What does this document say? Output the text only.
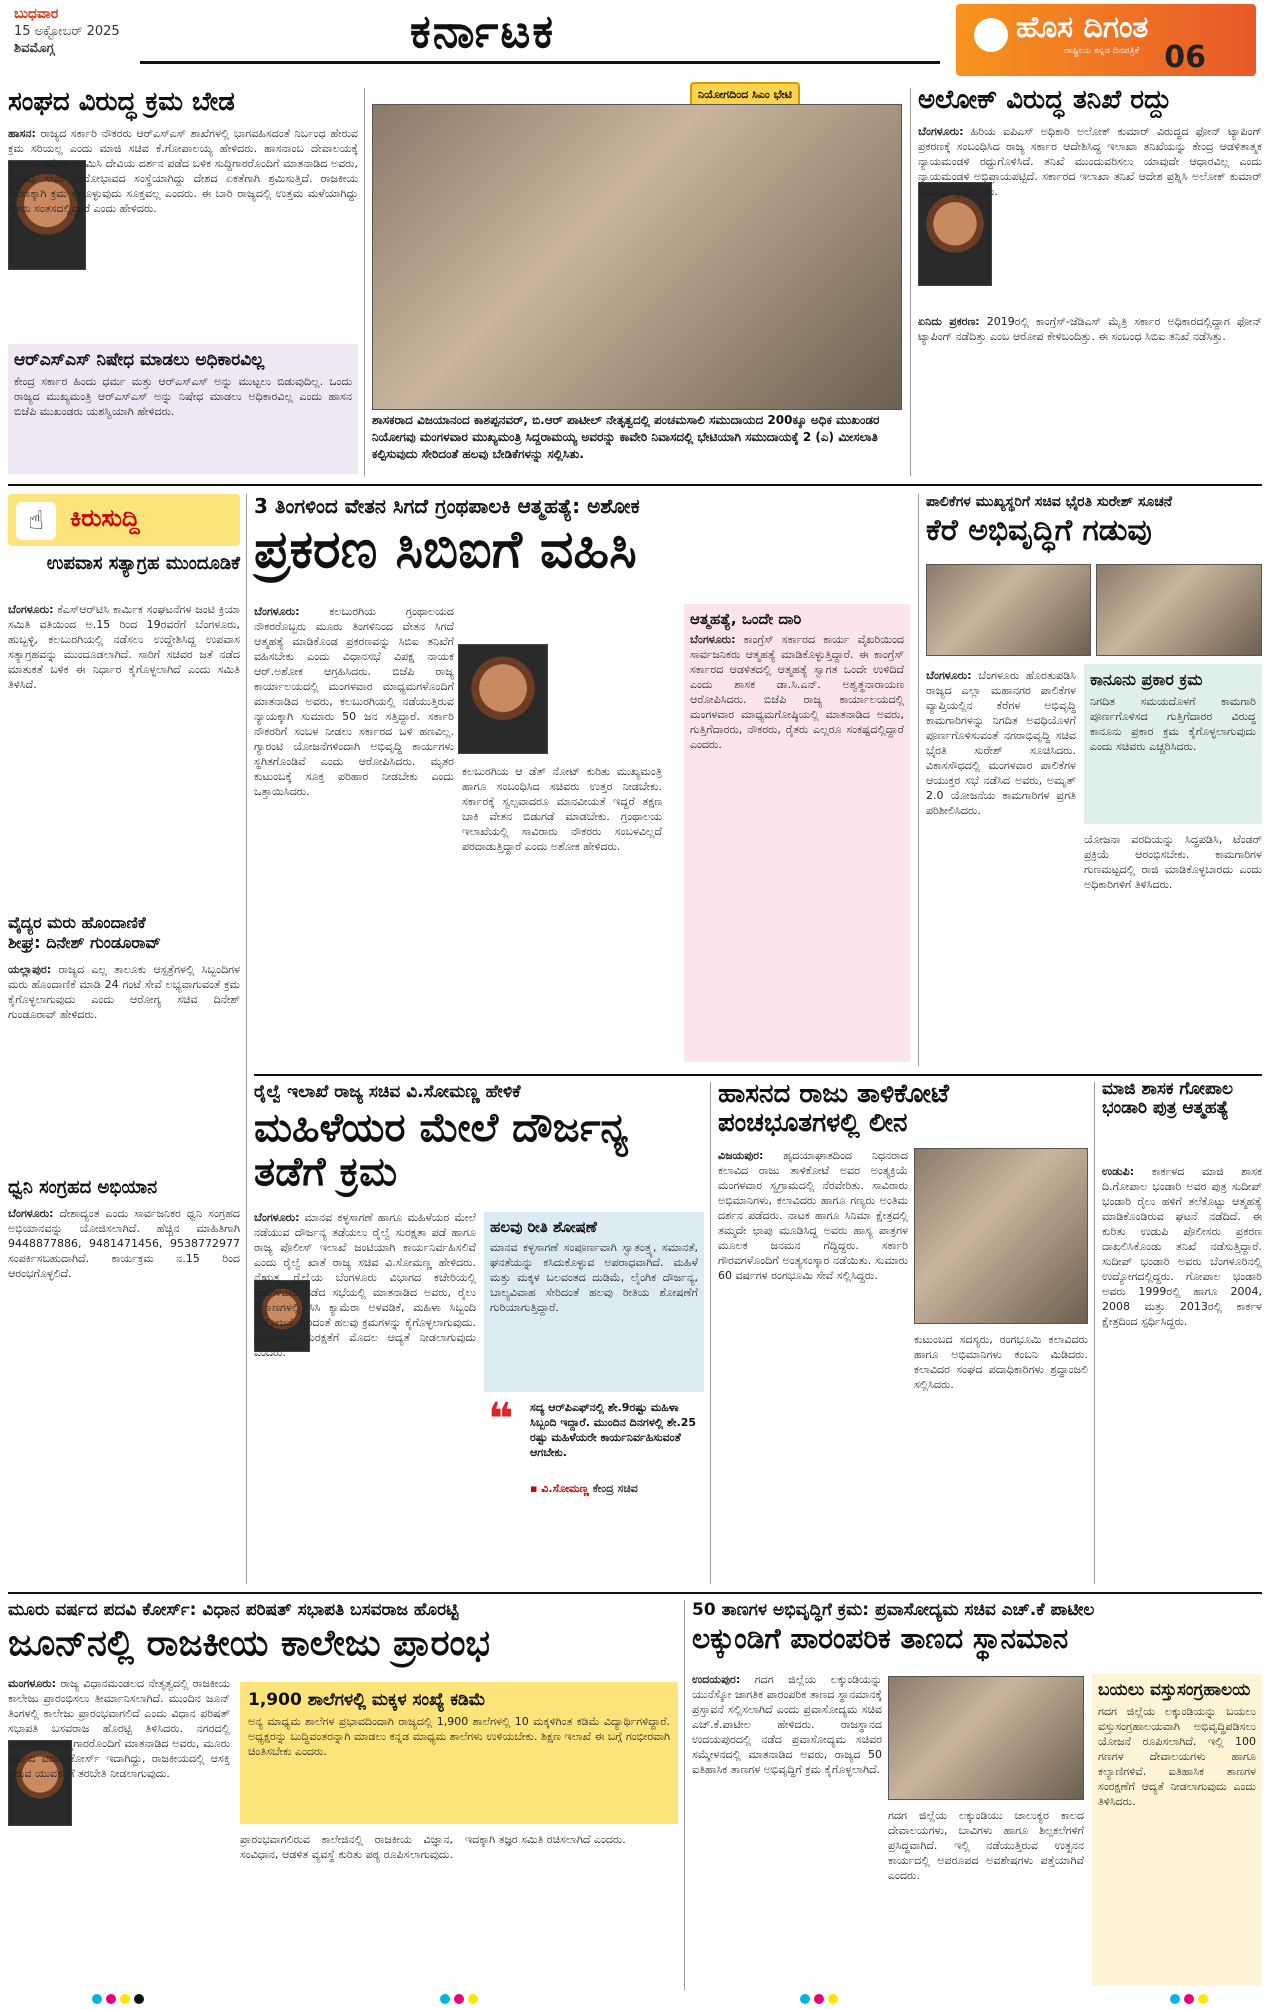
ಬುಧವಾರ
15 ಅಕ್ಟೋಬರ್ 2025
ಶಿವಮೊಗ್ಗ	ಕರ್ನಾಟಕ	ಹೊಸ ದಿಗಂತ
ರಾಷ್ಟ್ರೀಯ ಕನ್ನಡ ದಿನಪತ್ರಿಕೆ 06
ಸಂಘದ ವಿರುದ್ಧ ಕ್ರಮ ಬೇಡ
ಹಾಸನ: ರಾಜ್ಯದ ಸರ್ಕಾರಿ ನೌಕರರು ಆರ್‌ಎಸ್‌ಎಸ್ ಶಾಖೆಗಳಲ್ಲಿ ಭಾಗವಹಿಸದಂತೆ ನಿರ್ಬಂಧ ಹೇರುವ ಕ್ರಮ ಸರಿಯಲ್ಲ ಎಂದು ಮಾಜಿ ಸಚಿವ ಕೆ.ಗೋಪಾಲಯ್ಯ ಹೇಳಿದರು. ಹಾಸನಾಂಬ ದೇವಾಲಯಕ್ಕೆ ಕುಟುಂಬ ಸಮೇತ ಆಗಮಿಸಿ ದೇವಿಯ ದರ್ಶನ ಪಡೆದ ಬಳಿಕ ಸುದ್ದಿಗಾರರೊಂದಿಗೆ ಮಾತನಾಡಿದ ಅವರು, ಸಂಘವು ಸೇವಾ ಮನೋಭಾವದ ಸಂಸ್ಥೆಯಾಗಿದ್ದು ದೇಶದ ಏಕತೆಗಾಗಿ ಶ್ರಮಿಸುತ್ತಿದೆ. ರಾಜಕೀಯ ಕಾರಣಕ್ಕಾಗಿ ಕ್ರಮ ಕೈಗೊಳ್ಳುವುದು ಸೂಕ್ತವಲ್ಲ ಎಂದರು. ಈ ಬಾರಿ ರಾಜ್ಯದಲ್ಲಿ ಉತ್ತಮ ಮಳೆಯಾಗಿದ್ದು ರೈತರು ಸಂತಸದಲ್ಲಿದ್ದಾರೆ ಎಂದು ಹೇಳಿದರು.
ಆರ್‌ಎಸ್‌ಎಸ್ ನಿಷೇಧ ಮಾಡಲು ಅಧಿಕಾರವಿಲ್ಲ
ಕೇಂದ್ರ ಸರ್ಕಾರ ಹಿಂದು ಧರ್ಮ ಮತ್ತು ಆರ್‌ಎಸ್‌ಎಸ್ ಅನ್ನು ಮುಟ್ಟಲು ಬಿಡುವುದಿಲ್ಲ. ಒಂದು ರಾಜ್ಯದ ಮುಖ್ಯಮಂತ್ರಿ ಆರ್‌ಎಸ್‌ಎಸ್ ಅನ್ನು ನಿಷೇಧ ಮಾಡಲು ಅಧಿಕಾರವಿಲ್ಲ ಎಂದು ಹಾಸನ ಬಿಜೆಪಿ ಮುಖಂಡರು ಯಶಸ್ವಿಯಾಗಿ ಹೇಳಿದರು.
ನಿಯೋಗದಿಂದ ಸಿಎಂ ಭೇಟಿ
ಶಾಸಕರಾದ ವಿಜಯಾನಂದ ಕಾಶಪ್ಪನವರ್, ಬಿ.ಆರ್ ಪಾಟೀಲ್ ನೇತೃತ್ವದಲ್ಲಿ ಪಂಚಮಸಾಲಿ ಸಮುದಾಯದ 200ಕ್ಕೂ ಅಧಿಕ ಮುಖಂಡರ ನಿಯೋಗವು ಮಂಗಳವಾರ ಮುಖ್ಯಮಂತ್ರಿ ಸಿದ್ದರಾಮಯ್ಯ ಅವರನ್ನು ಕಾವೇರಿ ನಿವಾಸದಲ್ಲಿ ಭೇಟಿಯಾಗಿ ಸಮುದಾಯಕ್ಕೆ 2 (ಎ) ಮೀಸಲಾತಿ ಕಲ್ಪಿಸುವುದು ಸೇರಿದಂತೆ ಹಲವು ಬೇಡಿಕೆಗಳನ್ನು ಸಲ್ಲಿಸಿತು.
ಅಲೋಕ್ ವಿರುದ್ಧ ತನಿಖೆ ರದ್ದು
ಬೆಂಗಳೂರು: ಹಿರಿಯ ಐಪಿಎಸ್ ಅಧಿಕಾರಿ ಅಲೋಕ್ ಕುಮಾರ್ ವಿರುದ್ಧದ ಫೋನ್ ಟ್ಯಾಪಿಂಗ್ ಪ್ರಕರಣಕ್ಕೆ ಸಂಬಂಧಿಸಿದ ರಾಜ್ಯ ಸರ್ಕಾರ ಆದೇಶಿಸಿದ್ದ ಇಲಾಖಾ ತನಿಖೆಯನ್ನು ಕೇಂದ್ರ ಆಡಳಿತಾತ್ಮಕ ನ್ಯಾಯಮಂಡಳಿ ರದ್ದುಗೊಳಿಸಿದೆ. ತನಿಖೆ ಮುಂದುವರಿಸಲು ಯಾವುದೇ ಆಧಾರವಿಲ್ಲ ಎಂದು ನ್ಯಾಯಮಂಡಳಿ ಅಭಿಪ್ರಾಯಪಟ್ಟಿದೆ. ಸರ್ಕಾರದ ಇಲಾಖಾ ತನಿಖೆ ಆದೇಶ ಪ್ರಶ್ನಿಸಿ ಅಲೋಕ್ ಕುಮಾರ್ ಸಿಎಟಿ ಮೆಟ್ಟಿಲೇರಿದ್ದರು.
ಏನಿದು ಪ್ರಕರಣ: 2019ರಲ್ಲಿ ಕಾಂಗ್ರೆಸ್-ಜೆಡಿಎಸ್ ಮೈತ್ರಿ ಸರ್ಕಾರ ಅಧಿಕಾರದಲ್ಲಿದ್ದಾಗ ಫೋನ್ ಟ್ಯಾಪಿಂಗ್ ನಡೆದಿತ್ತು ಎಂಬ ಆರೋಪ ಕೇಳಿಬಂದಿತ್ತು. ಈ ಸಂಬಂಧ ಸಿಬಿಐ ತನಿಖೆ ನಡೆಸಿತ್ತು.
☝	ಕಿರುಸುದ್ದಿ
ಉಪವಾಸ ಸತ್ಯಾಗ್ರಹ ಮುಂದೂಡಿಕೆ
ಬೆಂಗಳೂರು: ಕೆಎಸ್‌ಆರ್‌ಟಿಸಿ ಕಾರ್ಮಿಕ ಸಂಘಟನೆಗಳ ಜಂಟಿ ಕ್ರಿಯಾ ಸಮಿತಿ ವತಿಯಿಂದ ಅ.15 ರಿಂದ 19ರವರೆಗೆ ಬೆಂಗಳೂರು, ಹುಬ್ಬಳ್ಳಿ, ಕಲಬುರಗಿಯಲ್ಲಿ ನಡೆಸಲು ಉದ್ದೇಶಿಸಿದ್ದ ಉಪವಾಸ ಸತ್ಯಾಗ್ರಹವನ್ನು ಮುಂದೂಡಲಾಗಿದೆ. ಸಾರಿಗೆ ಸಚಿವರ ಜತೆ ನಡೆದ ಮಾತುಕತೆ ಬಳಿಕ ಈ ನಿರ್ಧಾರ ಕೈಗೊಳ್ಳಲಾಗಿದೆ ಎಂದು ಸಮಿತಿ ತಿಳಿಸಿದೆ.
ವೈದ್ಯರ ಮರು ಹೊಂದಾಣಿಕೆ
ಶೀಘ್ರ: ದಿನೇಶ್ ಗುಂಡೂರಾವ್
ಯಲ್ಲಾಪುರ: ರಾಜ್ಯದ ಎಲ್ಲ ತಾಲೂಕು ಆಸ್ಪತ್ರೆಗಳಲ್ಲಿ ಸಿಬ್ಬಂದಿಗಳ ಮರು ಹೊಂದಾಣಿಕೆ ಮಾಡಿ 24 ಗಂಟೆ ಸೇವೆ ಲಭ್ಯವಾಗುವಂತೆ ಕ್ರಮ ಕೈಗೊಳ್ಳಲಾಗುವುದು ಎಂದು ಆರೋಗ್ಯ ಸಚಿವ ದಿನೇಶ್ ಗುಂಡೂರಾವ್ ಹೇಳಿದರು.
ಧ್ವನಿ ಸಂಗ್ರಹದ ಅಭಿಯಾನ
ಬೆಂಗಳೂರು: ದೇಶಾದ್ಯಂತ ಎಂದು ಸಾರ್ವಜನಿಕರ ಧ್ವನಿ ಸಂಗ್ರಹದ ಅಭಿಯಾನವನ್ನು ಯೋಜಿಸಲಾಗಿದೆ. ಹೆಚ್ಚಿನ ಮಾಹಿತಿಗಾಗಿ 9448877886, 9481471456, 9538772977 ಸಂಪರ್ಕಿಸಬಹುದಾಗಿದೆ. ಕಾರ್ಯಕ್ರಮ ನ.15 ರಿಂದ ಆರಂಭಗೊಳ್ಳಲಿದೆ.
3 ತಿಂಗಳಿಂದ ವೇತನ ಸಿಗದೆ ಗ್ರಂಥಪಾಲಕಿ ಆತ್ಮಹತ್ಯೆ: ಅಶೋಕ
ಪ್ರಕರಣ ಸಿಬಿಐಗೆ ವಹಿಸಿ
ಬೆಂಗಳೂರು:	ಕಲಬುರಗಿಯ ಗ್ರಂಥಾಲಯದ ನೌಕರರೊಬ್ಬರು ಮೂರು ತಿಂಗಳಿನಿಂದ ವೇತನ ಸಿಗದೆ ಆತ್ಮಹತ್ಯೆ ಮಾಡಿಕೊಂಡ ಪ್ರಕರಣವನ್ನು ಸಿಬಿಐ ತನಿಖೆಗೆ ವಹಿಸಬೇಕು ಎಂದು ವಿಧಾನಸಭೆ ವಿಪಕ್ಷ ನಾಯಕ ಆರ್.ಅಶೋಕ ಆಗ್ರಹಿಸಿದರು. ಬಿಜೆಪಿ ರಾಜ್ಯ ಕಾರ್ಯಾಲಯದಲ್ಲಿ ಮಂಗಳವಾರ ಮಾಧ್ಯಮಗಳೊಂದಿಗೆ ಮಾತನಾಡಿದ ಅವರು, ಕಲಬುರಗಿಯಲ್ಲಿ ನಡೆಯುತ್ತಿರುವ ನ್ಯಾಯಕ್ಕಾಗಿ ಸುಮಾರು 50 ಜನ ಸತ್ತಿದ್ದಾರೆ. ಸರ್ಕಾರಿ ನೌಕರರಿಗೆ ಸಂಬಳ ನೀಡಲು ಸರ್ಕಾರದ ಬಳಿ ಹಣವಿಲ್ಲ. ಗ್ಯಾರಂಟಿ ಯೋಜನೆಗಳಿಂದಾಗಿ ಅಭಿವೃದ್ಧಿ ಕಾರ್ಯಗಳು ಸ್ಥಗಿತಗೊಂಡಿವೆ ಎಂದು ಆರೋಪಿಸಿದರು. ಮೃತರ ಕುಟುಂಬಕ್ಕೆ ಸೂಕ್ತ ಪರಿಹಾರ ನೀಡಬೇಕು ಎಂದು ಒತ್ತಾಯಿಸಿದರು.
ಕಲಬುರಗಿಯ ಆ ಡೆತ್ ನೋಟ್ ಕುರಿತು ಮುಖ್ಯಮಂತ್ರಿ ಹಾಗೂ ಸಂಬಂಧಿಸಿದ ಸಚಿವರು ಉತ್ತರ ನೀಡಬೇಕು. ಸರ್ಕಾರಕ್ಕೆ ಸ್ವಲ್ಪವಾದರೂ ಮಾನವೀಯತೆ ಇದ್ದರೆ ತಕ್ಷಣ ಬಾಕಿ ವೇತನ ಬಿಡುಗಡೆ ಮಾಡಬೇಕು. ಗ್ರಂಥಾಲಯ ಇಲಾಖೆಯಲ್ಲಿ ಸಾವಿರಾರು ನೌಕರರು ಸಂಬಳವಿಲ್ಲದೆ ಪರದಾಡುತ್ತಿದ್ದಾರೆ ಎಂದು ಅಶೋಕ ಹೇಳಿದರು.
ಆತ್ಮಹತ್ಯೆ, ಒಂದೇ ದಾರಿ
ಬೆಂಗಳೂರು: ಕಾಂಗ್ರೆಸ್ ಸರ್ಕಾರದ ಕಾರ್ಯ ವೈಖರಿಯಿಂದ ಸಾರ್ವಜನಿಕರು ಆತ್ಮಹತ್ಯೆ ಮಾಡಿಕೊಳ್ಳುತ್ತಿದ್ದಾರೆ. ಈ ಕಾಂಗ್ರೆಸ್ ಸರ್ಕಾರದ ಆಡಳಿತದಲ್ಲಿ ಆತ್ಮಹತ್ಯೆ ಸ್ವಾಗತ ಒಂದೇ ಉಳಿದಿದೆ ಎಂದು ಶಾಸಕ ಡಾ.ಸಿ.ಎನ್. ಅಶ್ವತ್ಥನಾರಾಯಣ ಆರೋಪಿಸಿದರು. ಬಿಜೆಪಿ ರಾಜ್ಯ ಕಾರ್ಯಾಲಯದಲ್ಲಿ ಮಂಗಳವಾರ ಮಾಧ್ಯಮಗೋಷ್ಠಿಯಲ್ಲಿ ಮಾತನಾಡಿದ ಅವರು, ಗುತ್ತಿಗೆದಾರರು, ನೌಕರರು, ರೈತರು ಎಲ್ಲರೂ ಸಂಕಷ್ಟದಲ್ಲಿದ್ದಾರೆ ಎಂದರು.
ಪಾಲಿಕೆಗಳ ಮುಖ್ಯಸ್ಥರಿಗೆ ಸಚಿವ ಭೈರತಿ ಸುರೇಶ್ ಸೂಚನೆ
ಕೆರೆ ಅಭಿವೃದ್ಧಿಗೆ ಗಡುವು
ಬೆಂಗಳೂರು: ಬೆಂಗಳೂರು ಹೊರತುಪಡಿಸಿ ರಾಜ್ಯದ ಎಲ್ಲಾ ಮಹಾನಗರ ಪಾಲಿಕೆಗಳ ವ್ಯಾಪ್ತಿಯಲ್ಲಿನ ಕೆರೆಗಳ ಅಭಿವೃದ್ಧಿ ಕಾಮಗಾರಿಗಳನ್ನು ನಿಗದಿತ ಅವಧಿಯೊಳಗೆ ಪೂರ್ಣಗೊಳಿಸುವಂತೆ ನಗರಾಭಿವೃದ್ಧಿ ಸಚಿವ ಭೈರತಿ ಸುರೇಶ್ ಸೂಚಿಸಿದರು. ವಿಕಾಸಸೌಧದಲ್ಲಿ ಮಂಗಳವಾರ ಪಾಲಿಕೆಗಳ ಆಯುಕ್ತರ ಸಭೆ ನಡೆಸಿದ ಅವರು, ಅಮೃತ್ 2.0 ಯೋಜನೆಯ ಕಾಮಗಾರಿಗಳ ಪ್ರಗತಿ ಪರಿಶೀಲಿಸಿದರು.
ಕಾನೂನು ಪ್ರಕಾರ ಕ್ರಮ
ನಿಗದಿತ ಸಮಯದೊಳಗೆ ಕಾಮಗಾರಿ ಪೂರ್ಣಗೊಳಿಸದ ಗುತ್ತಿಗೆದಾರರ ವಿರುದ್ಧ ಕಾನೂನು ಪ್ರಕಾರ ಕ್ರಮ ಕೈಗೊಳ್ಳಲಾಗುವುದು ಎಂದು ಸಚಿವರು ಎಚ್ಚರಿಸಿದರು.
ಯೋಜನಾ ವರದಿಯನ್ನು ಸಿದ್ಧಪಡಿಸಿ, ಟೆಂಡರ್ ಪ್ರಕ್ರಿಯೆ ಆರಂಭಿಸಬೇಕು. ಕಾಮಗಾರಿಗಳ ಗುಣಮಟ್ಟದಲ್ಲಿ ರಾಜಿ ಮಾಡಿಕೊಳ್ಳಬಾರದು ಎಂದು ಅಧಿಕಾರಿಗಳಿಗೆ ತಿಳಿಸಿದರು.
ರೈಲ್ವೆ ಇಲಾಖೆ ರಾಜ್ಯ ಸಚಿವ ವಿ.ಸೋಮಣ್ಣ ಹೇಳಿಕೆ
ಮಹಿಳೆಯರ ಮೇಲೆ ದೌರ್ಜನ್ಯ ತಡೆಗೆ ಕ್ರಮ
ಬೆಂಗಳೂರು: ಮಾನವ ಕಳ್ಳಸಾಗಣೆ ಹಾಗೂ ಮಹಿಳೆಯರ ಮೇಲೆ ನಡೆಯುವ ದೌರ್ಜನ್ಯ ತಡೆಯಲು ರೈಲ್ವೆ ಸುರಕ್ಷತಾ ಪಡೆ ಹಾಗೂ ರಾಜ್ಯ ಪೊಲೀಸ್ ಇಲಾಖೆ ಜಂಟಿಯಾಗಿ ಕಾರ್ಯನಿರ್ವಹಿಸಲಿವೆ ಎಂದು ರೈಲ್ವೆ ಖಾತೆ ರಾಜ್ಯ ಸಚಿವ ವಿ.ಸೋಮಣ್ಣ ಹೇಳಿದರು. ನೈಋತ್ಯ ರೈಲ್ವೆಯ ಬೆಂಗಳೂರು ವಿಭಾಗದ ಕಚೇರಿಯಲ್ಲಿ ಮಂಗಳವಾರ ನಡೆದ ಸಭೆಯಲ್ಲಿ ಮಾತನಾಡಿದ ಅವರು, ರೈಲು ನಿಲ್ದಾಣಗಳಲ್ಲಿ ಸಿಸಿ ಕ್ಯಾಮೆರಾ ಅಳವಡಿಕೆ, ಮಹಿಳಾ ಸಿಬ್ಬಂದಿ ನಿಯೋಜನೆ ಸೇರಿದಂತೆ ಹಲವು ಕ್ರಮಗಳನ್ನು ಕೈಗೊಳ್ಳಲಾಗುವುದು. ಪ್ರಯಾಣಿಕರ ಸುರಕ್ಷತೆಗೆ ಮೊದಲ ಆದ್ಯತೆ ನೀಡಲಾಗುವುದು ಎಂದರು.
ಹಲವು ರೀತಿ ಶೋಷಣೆ
ಮಾನವ ಕಳ್ಳಸಾಗಣೆ ಸಂಪೂರ್ಣವಾಗಿ ಸ್ವಾತಂತ್ರ್ಯ, ಸಮಾನತೆ, ಘನತೆಯನ್ನು ಕಸಿದುಕೊಳ್ಳುವ ಅಪರಾಧವಾಗಿದೆ. ಮಹಿಳೆ ಮತ್ತು ಮಕ್ಕಳ ಬಲವಂತದ ದುಡಿಮೆ, ಲೈಂಗಿಕ ದೌರ್ಜನ್ಯ, ಬಾಲ್ಯವಿವಾಹ ಸೇರಿದಂತೆ ಹಲವು ರೀತಿಯ ಶೋಷಣೆಗೆ ಗುರಿಯಾಗುತ್ತಿದ್ದಾರೆ.
❝	ಸದ್ಯ ಆರ್‌ಪಿಎಫ್‌ನಲ್ಲಿ ಶೇ.9ರಷ್ಟು ಮಹಿಳಾ ಸಿಬ್ಬಂದಿ ಇದ್ದಾರೆ. ಮುಂದಿನ ದಿನಗಳಲ್ಲಿ ಶೇ.25 ರಷ್ಟು ಮಹಿಳೆಯರೇ ಕಾರ್ಯನಿರ್ವಹಿಸುವಂತೆ ಆಗಬೇಕು.
▪ ವಿ.ಸೋಮಣ್ಣ ಕೇಂದ್ರ ಸಚಿವ
ಹಾಸನದ ರಾಜು ತಾಳಿಕೋಟೆ ಪಂಚಭೂತಗಳಲ್ಲಿ ಲೀನ
ವಿಜಯಪುರ: ಹೃದಯಾಘಾತದಿಂದ ನಿಧನರಾದ ಕಲಾವಿದ ರಾಜು ತಾಳಿಕೋಟೆ ಅವರ ಅಂತ್ಯಕ್ರಿಯೆ ಮಂಗಳವಾರ ಸ್ವಗ್ರಾಮದಲ್ಲಿ ನೆರವೇರಿತು. ಸಾವಿರಾರು ಅಭಿಮಾನಿಗಳು, ಕಲಾವಿದರು ಹಾಗೂ ಗಣ್ಯರು ಅಂತಿಮ ದರ್ಶನ ಪಡೆದರು. ನಾಟಕ ಹಾಗೂ ಸಿನಿಮಾ ಕ್ಷೇತ್ರದಲ್ಲಿ ತಮ್ಮದೇ ಛಾಪು ಮೂಡಿಸಿದ್ದ ಅವರು ಹಾಸ್ಯ ಪಾತ್ರಗಳ ಮೂಲಕ ಜನಮನ ಗೆದ್ದಿದ್ದರು. ಸರ್ಕಾರಿ ಗೌರವಗಳೊಂದಿಗೆ ಅಂತ್ಯಸಂಸ್ಕಾರ ನಡೆಯಿತು. ಸುಮಾರು 60 ವರ್ಷಗಳ ರಂಗಭೂಮಿ ಸೇವೆ ಸಲ್ಲಿಸಿದ್ದರು.
ಕುಟುಂಬದ ಸದಸ್ಯರು, ರಂಗಭೂಮಿ ಕಲಾವಿದರು ಹಾಗೂ ಅಭಿಮಾನಿಗಳು ಕಂಬನಿ ಮಿಡಿದರು. ಕಲಾವಿದರ ಸಂಘದ ಪದಾಧಿಕಾರಿಗಳು ಶ್ರದ್ಧಾಂಜಲಿ ಸಲ್ಲಿಸಿದರು.
ಮಾಜಿ ಶಾಸಕ ಗೋಪಾಲ ಭಂಡಾರಿ ಪುತ್ರ ಆತ್ಮಹತ್ಯೆ
ಉಡುಪಿ: ಕಾರ್ಕಳದ ಮಾಜಿ ಶಾಸಕ ದಿ.ಗೋಪಾಲ ಭಂಡಾರಿ ಅವರ ಪುತ್ರ ಸುದೀಪ್ ಭಂಡಾರಿ ರೈಲು ಹಳಿಗೆ ತಲೆಕೊಟ್ಟು ಆತ್ಮಹತ್ಯೆ ಮಾಡಿಕೊಂಡಿರುವ ಘಟನೆ ನಡೆದಿದೆ. ಈ ಕುರಿತು ಉಡುಪಿ ಪೊಲೀಸರು ಪ್ರಕರಣ ದಾಖಲಿಸಿಕೊಂಡು ತನಿಖೆ ನಡೆಸುತ್ತಿದ್ದಾರೆ. ಸುದೀಪ್ ಭಂಡಾರಿ ಅವರು ಬೆಂಗಳೂರಿನಲ್ಲಿ ಉದ್ಯೋಗದಲ್ಲಿದ್ದರು. ಗೋಪಾಲ ಭಂಡಾರಿ ಅವರು 1999ರಲ್ಲಿ ಹಾಗೂ 2004, 2008 ಮತ್ತು 2013ರಲ್ಲಿ ಕಾರ್ಕಳ ಕ್ಷೇತ್ರದಿಂದ ಸ್ಪರ್ಧಿಸಿದ್ದರು.
ಮೂರು ವರ್ಷದ ಪದವಿ ಕೋರ್ಸ್: ವಿಧಾನ ಪರಿಷತ್ ಸಭಾಪತಿ ಬಸವರಾಜ ಹೊರಟ್ಟಿ
ಜೂನ್‌ನಲ್ಲಿ ರಾಜಕೀಯ ಕಾಲೇಜು ಪ್ರಾರಂಭ
ಮಂಗಳೂರು: ರಾಜ್ಯ ವಿಧಾನಮಂಡಲದ ನೇತೃತ್ವದಲ್ಲಿ ರಾಜಕೀಯ ಕಾಲೇಜು ಪ್ರಾರಂಭಿಸಲು ತೀರ್ಮಾನಿಸಲಾಗಿದೆ. ಮುಂದಿನ ಜೂನ್ ತಿಂಗಳಲ್ಲಿ ಕಾಲೇಜು ಪ್ರಾರಂಭವಾಗಲಿದೆ ಎಂದು ವಿಧಾನ ಪರಿಷತ್ ಸಭಾಪತಿ ಬಸವರಾಜ ಹೊರಟ್ಟಿ ತಿಳಿಸಿದರು. ನಗರದಲ್ಲಿ ಮಂಗಳವಾರ ಸುದ್ದಿಗಾರರೊಂದಿಗೆ ಮಾತನಾಡಿದ ಅವರು, ಮೂರು ವರ್ಷದ ಪದವಿ ಕೋರ್ಸ್ ಇದಾಗಿದ್ದು, ರಾಜಕೀಯದಲ್ಲಿ ಆಸಕ್ತಿ ಇರುವ ಯುವಕರಿಗೆ ತರಬೇತಿ ನೀಡಲಾಗುವುದು.
1,900 ಶಾಲೆಗಳಲ್ಲಿ ಮಕ್ಕಳ ಸಂಖ್ಯೆ ಕಡಿಮೆ
ಅನ್ಯ ಮಾಧ್ಯಮ ಶಾಲೆಗಳ ಪ್ರಭಾವದಿಂದಾಗಿ ರಾಜ್ಯದಲ್ಲಿ 1,900 ಶಾಲೆಗಳಲ್ಲಿ 10 ಮಕ್ಕಳಿಗಿಂತ ಕಡಿಮೆ ವಿದ್ಯಾರ್ಥಿಗಳಿದ್ದಾರೆ. ಅಧ್ಯಕ್ಷರನ್ನು ಬುದ್ಧಿವಂತರನ್ನಾಗಿ ಮಾಡಲು ಕನ್ನಡ ಮಾಧ್ಯಮ ಶಾಲೆಗಳು ಉಳಿಯಬೇಕು. ಶಿಕ್ಷಣ ಇಲಾಖೆ ಈ ಬಗ್ಗೆ ಗಂಭೀರವಾಗಿ ಚಿಂತಿಸಬೇಕು ಎಂದರು.
ಪ್ರಾರಂಭವಾಗಲಿರುವ ಕಾಲೇಜಿನಲ್ಲಿ ರಾಜಕೀಯ ವಿಜ್ಞಾನ, ಸಂವಿಧಾನ, ಆಡಳಿತ ವ್ಯವಸ್ಥೆ ಕುರಿತು ಪಠ್ಯ ರೂಪಿಸಲಾಗುವುದು. ಇದಕ್ಕಾಗಿ ತಜ್ಞರ ಸಮಿತಿ ರಚಿಸಲಾಗಿದೆ ಎಂದರು.
50 ತಾಣಗಳ ಅಭಿವೃದ್ಧಿಗೆ ಕ್ರಮ: ಪ್ರವಾಸೋದ್ಯಮ ಸಚಿವ ಎಚ್.ಕೆ ಪಾಟೀಲ
ಲಕ್ಕುಂಡಿಗೆ ಪಾರಂಪರಿಕ ತಾಣದ ಸ್ಥಾನಮಾನ
ಉದಯಪುರ: ಗದಗ ಜಿಲ್ಲೆಯ ಲಕ್ಕುಂಡಿಯನ್ನು ಯುನೆಸ್ಕೋ ಜಾಗತಿಕ ಪಾರಂಪರಿಕ ತಾಣದ ಸ್ಥಾನಮಾನಕ್ಕೆ ಪ್ರಸ್ತಾವನೆ ಸಲ್ಲಿಸಲಾಗಿದೆ ಎಂದು ಪ್ರವಾಸೋದ್ಯಮ ಸಚಿವ ಎಚ್.ಕೆ.ಪಾಟೀಲ ಹೇಳಿದರು. ರಾಜಸ್ಥಾನದ ಉದಯಪುರದಲ್ಲಿ ನಡೆದ ಪ್ರವಾಸೋದ್ಯಮ ಸಚಿವರ ಸಮ್ಮೇಳನದಲ್ಲಿ ಮಾತನಾಡಿದ ಅವರು, ರಾಜ್ಯದ 50 ಐತಿಹಾಸಿಕ ತಾಣಗಳ ಅಭಿವೃದ್ಧಿಗೆ ಕ್ರಮ ಕೈಗೊಳ್ಳಲಾಗಿದೆ.
ಗದಗ ಜಿಲ್ಲೆಯ ಲಕ್ಕುಂಡಿಯು ಚಾಲುಕ್ಯರ ಕಾಲದ ದೇವಾಲಯಗಳು, ಬಾವಿಗಳು ಹಾಗೂ ಶಿಲ್ಪಕಲೆಗಳಿಗೆ ಪ್ರಸಿದ್ಧವಾಗಿದೆ. ಇಲ್ಲಿ ನಡೆಯುತ್ತಿರುವ ಉತ್ಖನನ ಕಾರ್ಯದಲ್ಲಿ ಅಪರೂಪದ ಅವಶೇಷಗಳು ಪತ್ತೆಯಾಗಿವೆ ಎಂದರು.
ಬಯಲು ವಸ್ತುಸಂಗ್ರಹಾಲಯ
ಗದಗ ಜಿಲ್ಲೆಯ ಲಕ್ಕುಂಡಿಯನ್ನು ಬಯಲು ವಸ್ತುಸಂಗ್ರಹಾಲಯವಾಗಿ ಅಭಿವೃದ್ಧಿಪಡಿಸಲು ಯೋಜನೆ ರೂಪಿಸಲಾಗಿದೆ. ಇಲ್ಲಿ 100 ಗಣಗಳ ದೇವಾಲಯಗಳು ಹಾಗೂ ಕಲ್ಯಾಣಿಗಳಿವೆ. ಐತಿಹಾಸಿಕ ತಾಣಗಳ ಸಂರಕ್ಷಣೆಗೆ ಆದ್ಯತೆ ನೀಡಲಾಗುವುದು ಎಂದು ತಿಳಿಸಿದರು.
